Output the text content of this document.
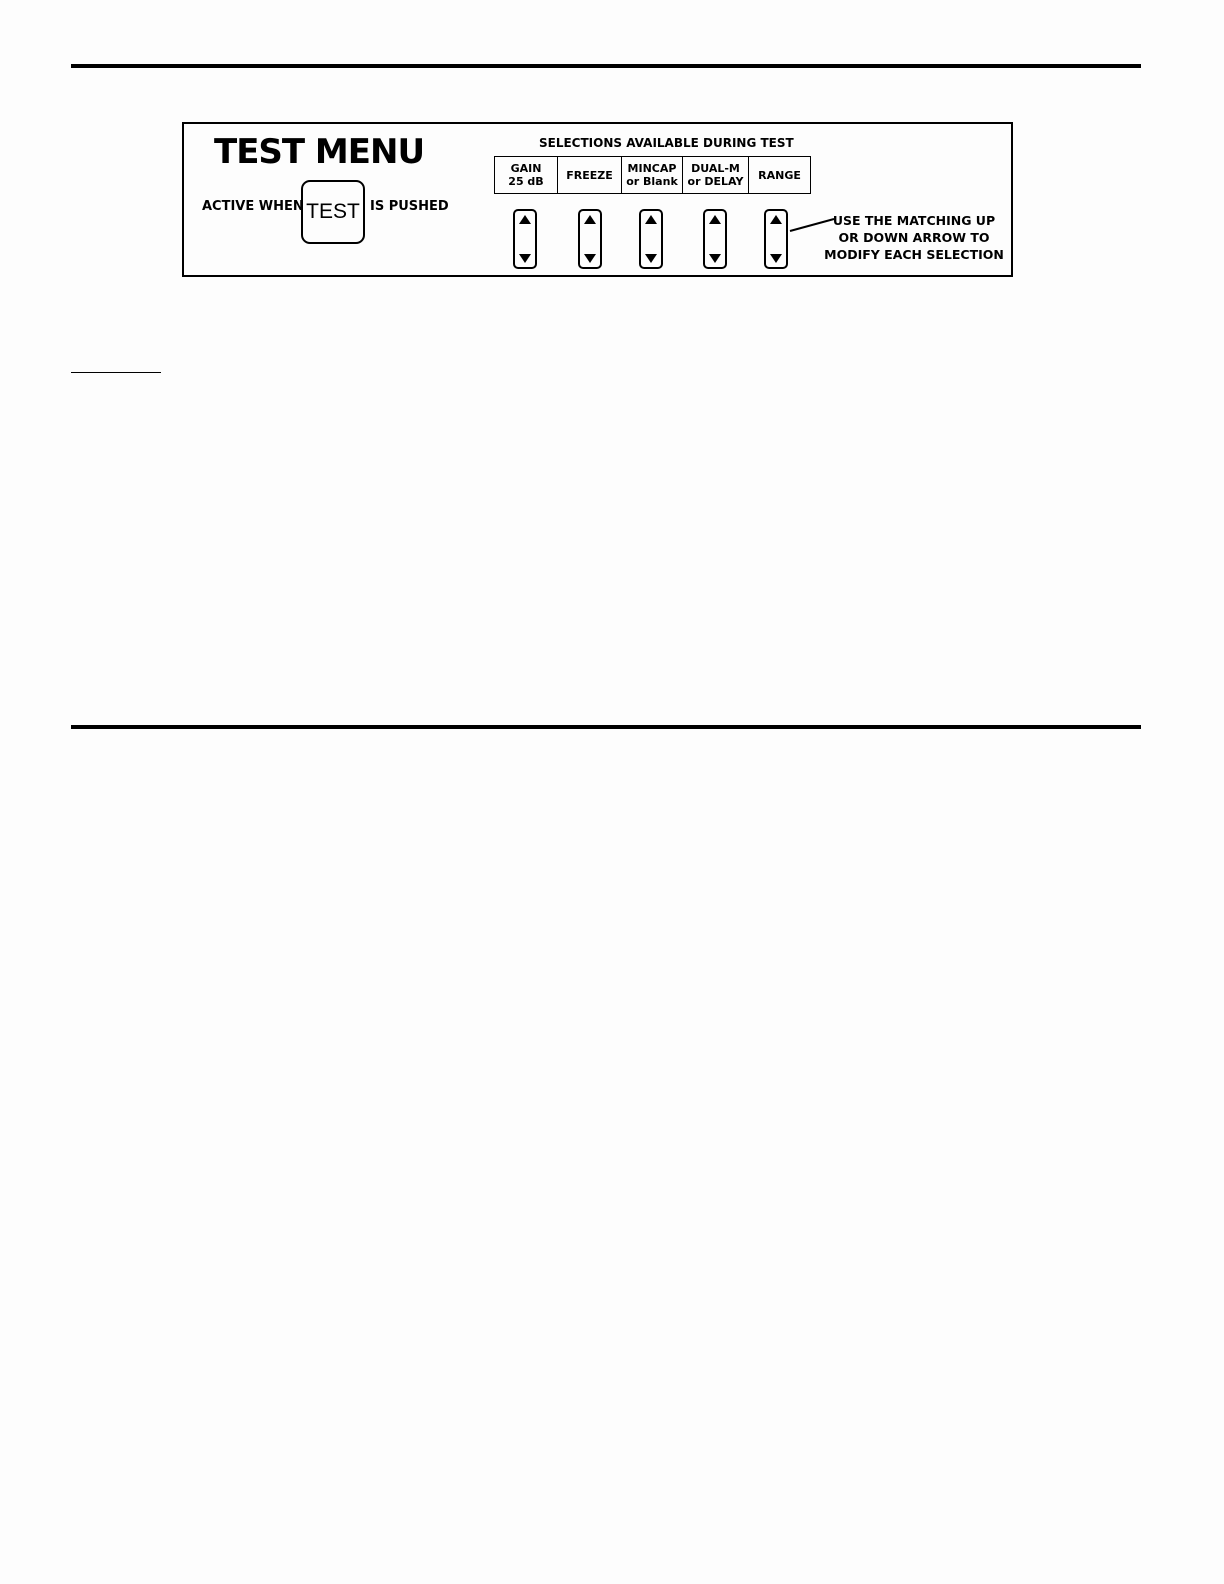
TEST MENU
ACTIVE WHEN TEST IS PUSHED
SELECTIONS AVAILABLE DURING TEST
GAIN
25 dB FREEZE MINCAP
or Blank
DUAL-M
or DELAY RANGE
USE THE MATCHING UP
OR DOWN ARROW TO
MODIFY EACH SELECTION
